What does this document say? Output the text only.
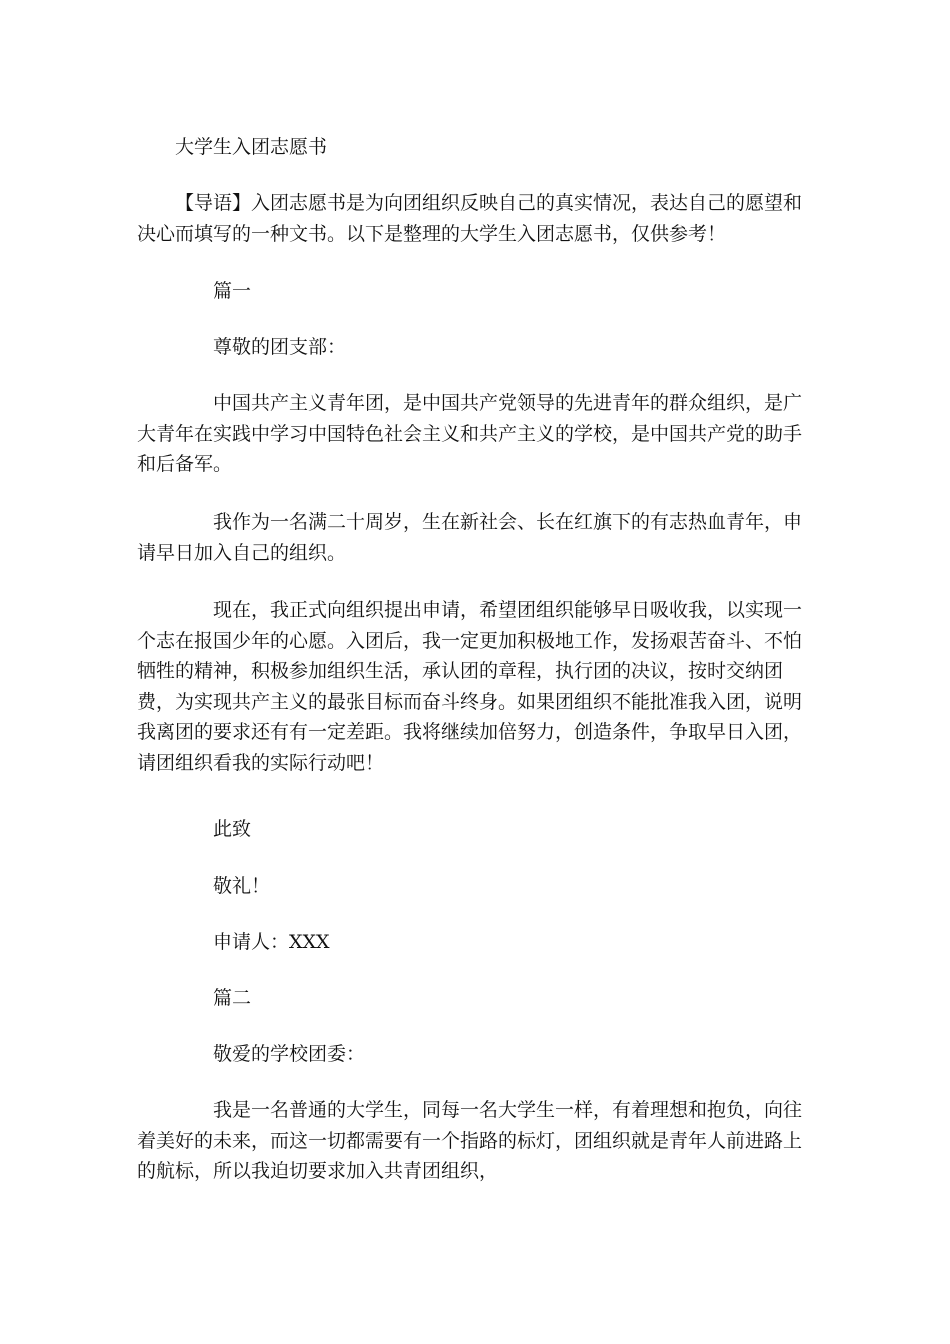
大学生入团志愿书

【导语】入团志愿书是为向团组织反映自己的真实情况，表达自己的愿望和决心而填写的一种文书。以下是整理的大学生入团志愿书，仅供参考！

篇一

尊敬的团支部：

中国共产主义青年团，是中国共产党领导的先进青年的群众组织，是广大青年在实践中学习中国特色社会主义和共产主义的学校，是中国共产党的助手和后备军。

我作为一名满二十周岁，生在新社会、长在红旗下的有志热血青年，申请早日加入自己的组织。

现在，我正式向组织提出申请，希望团组织能够早日吸收我，以实现一个志在报国少年的心愿。入团后，我一定更加积极地工作，发扬艰苦奋斗、不怕牺牲的精神，积极参加组织生活，承认团的章程，执行团的决议，按时交纳团费，为实现共产主义的最张目标而奋斗终身。如果团组织不能批准我入团，说明我离团的要求还有有一定差距。我将继续加倍努力，创造条件，争取早日入团，请团组织看我的实际行动吧！

此致

敬礼！

申请人：XXX

篇二

敬爱的学校团委：

我是一名普通的大学生，同每一名大学生一样，有着理想和抱负，向往着美好的未来，而这一切都需要有一个指路的标灯，团组织就是青年人前进路上的航标，所以我迫切要求加入共青团组织，
